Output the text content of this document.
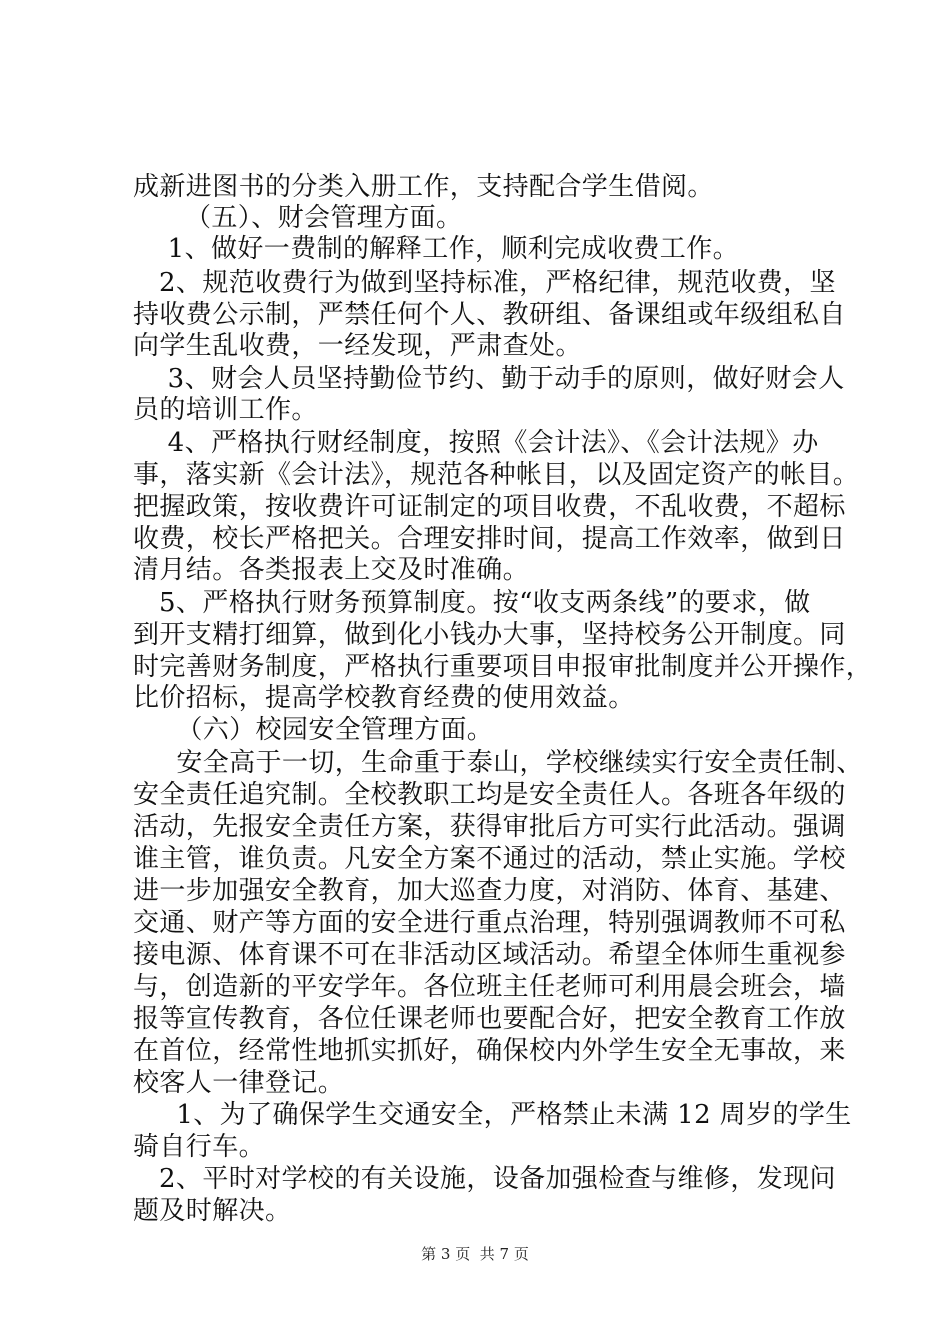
成新进图书的分类入册工作，支持配合学生借阅。
（五）、财会管理方面。
1、做好一费制的解释工作，顺利完成收费工作。
2、规范收费行为做到坚持标准，严格纪律，规范收费，坚
持收费公示制，严禁任何个人、教研组、备课组或年级组私自
向学生乱收费，一经发现，严肃查处。
3、财会人员坚持勤俭节约、勤于动手的原则，做好财会人
员的培训工作。
4、严格执行财经制度，按照《会计法》、《会计法规》办
事，落实新《会计法》，规范各种帐目，以及固定资产的帐目。
把握政策，按收费许可证制定的项目收费，不乱收费，不超标
收费，校长严格把关。合理安排时间，提高工作效率，做到日
清月结。各类报表上交及时准确。
5、严格执行财务预算制度。按“收支两条线”的要求，做
到开支精打细算，做到化小钱办大事，坚持校务公开制度。同
时完善财务制度，严格执行重要项目申报审批制度并公开操作，
比价招标，提高学校教育经费的使用效益。
（六）校园安全管理方面。
安全高于一切，生命重于泰山，学校继续实行安全责任制、
安全责任追究制。全校教职工均是安全责任人。各班各年级的
活动，先报安全责任方案，获得审批后方可实行此活动。强调
谁主管，谁负责。凡安全方案不通过的活动，禁止实施。学校
进一步加强安全教育，加大巡查力度，对消防、体育、基建、
交通、财产等方面的安全进行重点治理，特别强调教师不可私
接电源、体育课不可在非活动区域活动。希望全体师生重视参
与，创造新的平安学年。各位班主任老师可利用晨会班会，墙
报等宣传教育，各位任课老师也要配合好，把安全教育工作放
在首位，经常性地抓实抓好，确保校内外学生安全无事故，来
校客人一律登记。
1、为了确保学生交通安全，严格禁止未满 12 周岁的学生
骑自行车。
2、平时对学校的有关设施，设备加强检查与维修，发现问
题及时解决。
第 3 页  共 7 页
